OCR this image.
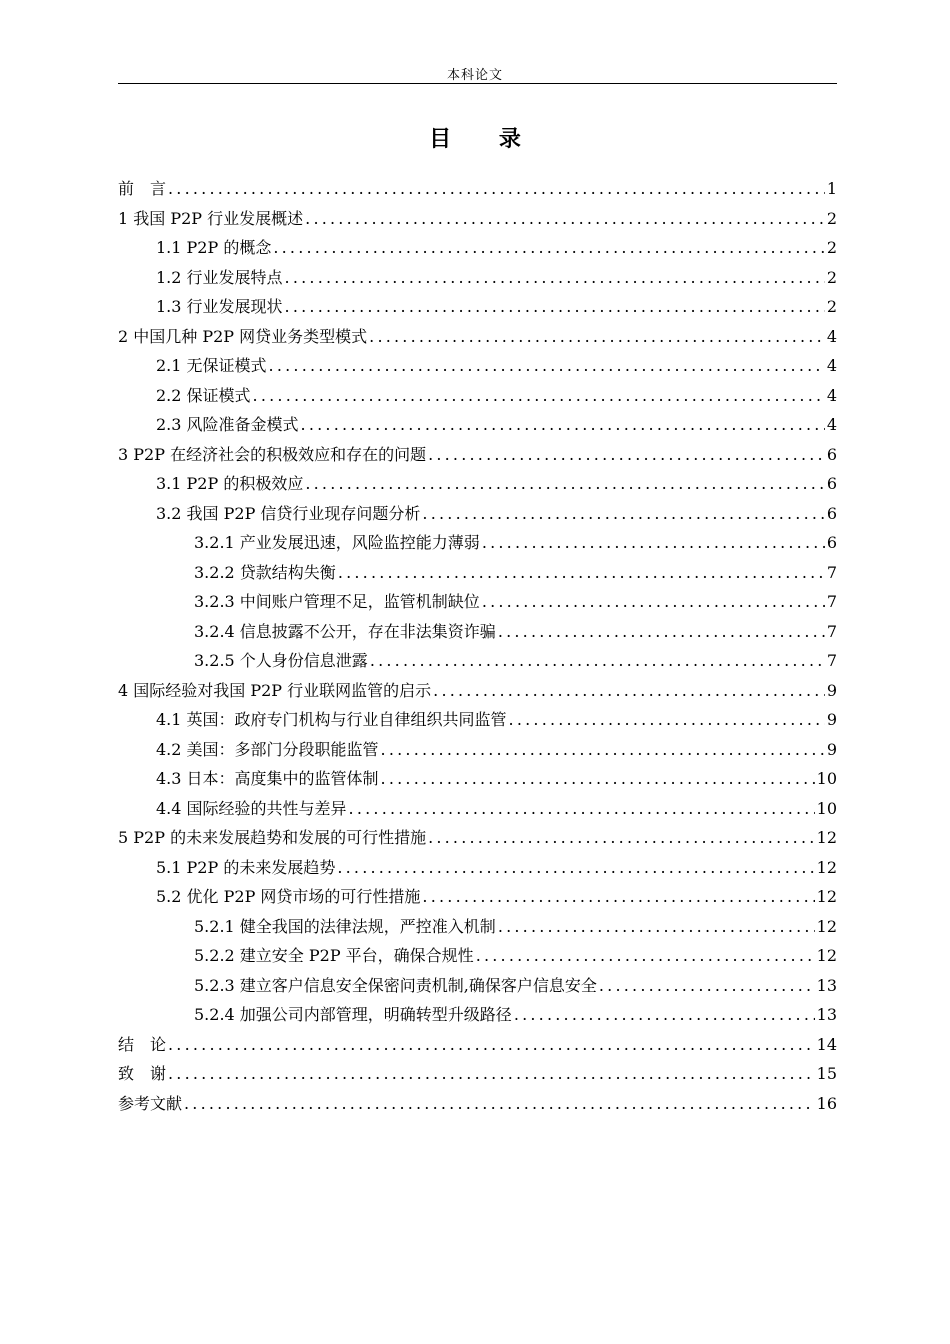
本科论文
目 录
前　言 .....	1
1 我国 P2P 行业发展概述 .....	2
1.1 P2P 的概念 .....	2
1.2 行业发展特点 .....	2
1.3 行业发展现状 .....	2
2 中国几种 P2P 网贷业务类型模式 .....	4
2.1 无保证模式 .....	4
2.2 保证模式 .....	4
2.3 风险准备金模式 .....	4
3 P2P 在经济社会的积极效应和存在的问题 .....	6
3.1 P2P 的积极效应 .....	6
3.2 我国 P2P 信贷行业现存问题分析 .....	6
3.2.1 产业发展迅速，风险监控能力薄弱 .....	6
3.2.2 贷款结构失衡 .....	7
3.2.3 中间账户管理不足，监管机制缺位 .....	7
3.2.4 信息披露不公开，存在非法集资诈骗 .....	7
3.2.5 个人身份信息泄露 .....	7
4 国际经验对我国 P2P 行业联网监管的启示 .....	9
4.1 英国：政府专门机构与行业自律组织共同监管 .....	9
4.2 美国：多部门分段职能监管 .....	9
4.3 日本：高度集中的监管体制 .....	10
4.4 国际经验的共性与差异 .....	10
5 P2P 的未来发展趋势和发展的可行性措施 .....	12
5.1 P2P 的未来发展趋势 .....	12
5.2 优化 P2P 网贷市场的可行性措施 .....	12
5.2.1 健全我国的法律法规，严控准入机制 .....	12
5.2.2 建立安全 P2P 平台，确保合规性 .....	12
5.2.3 建立客户信息安全保密问责机制,确保客户信息安全 .....	13
5.2.4 加强公司内部管理，明确转型升级路径 .....	13
结　论 .....	14
致　谢 .....	15
参考文献 .....	16
